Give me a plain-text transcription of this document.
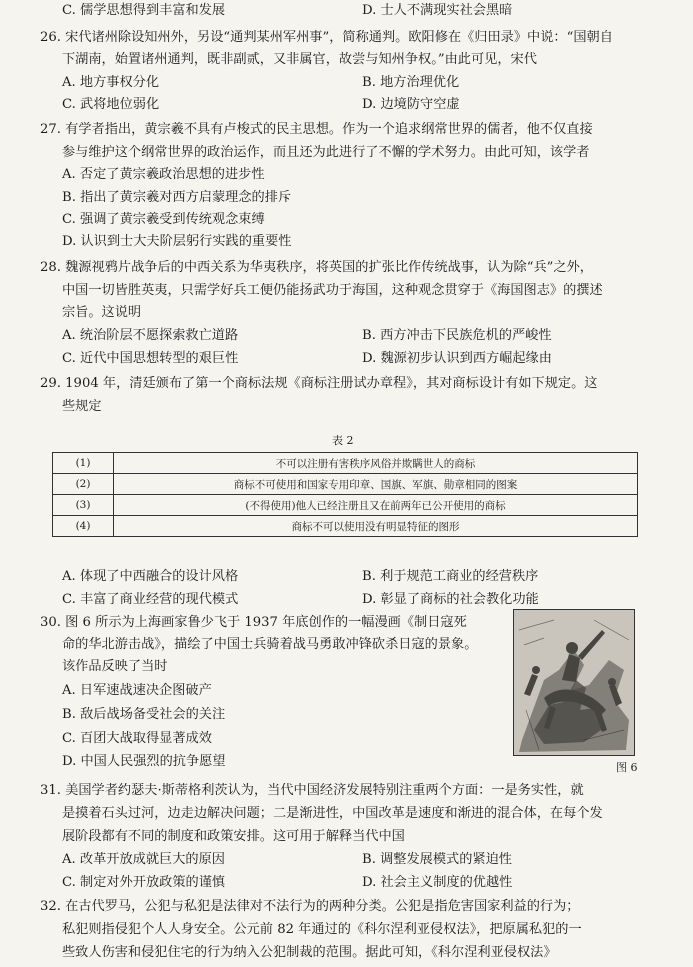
C. 儒学思想得到丰富和发展	D. 士人不满现实社会黑暗
26. 宋代诸州除设知州外，另设“通判某州军州事”，简称通判。欧阳修在《归田录》中说：“国朝自
下湖南，始置诸州通判，既非副贰，又非属官，故尝与知州争权。”由此可见，宋代
A. 地方事权分化	B. 地方治理优化
C. 武将地位弱化	D. 边境防守空虚
27. 有学者指出，黄宗羲不具有卢梭式的民主思想。作为一个追求纲常世界的儒者，他不仅直接
参与维护这个纲常世界的政治运作，而且还为此进行了不懈的学术努力。由此可知，该学者
A. 否定了黄宗羲政治思想的进步性
B. 指出了黄宗羲对西方启蒙理念的排斥
C. 强调了黄宗羲受到传统观念束缚
D. 认识到士大夫阶层躬行实践的重要性
28. 魏源视鸦片战争后的中西关系为华夷秩序，将英国的扩张比作传统战事，认为除“兵”之外，
中国一切皆胜英夷，只需学好兵工便仍能扬武功于海国，这种观念贯穿于《海国图志》的撰述
宗旨。这说明
A. 统治阶层不愿探索救亡道路	B. 西方冲击下民族危机的严峻性
C. 近代中国思想转型的艰巨性	D. 魏源初步认识到西方崛起缘由
29. 1904 年，清廷颁布了第一个商标法规《商标注册试办章程》，其对商标设计有如下规定。这
些规定
表 2
(1)	不可以注册有害秩序风俗并欺瞒世人的商标
(2)	商标不可使用和国家专用印章、国旗、军旗、勋章相同的图案
(3)	(不得使用)他人已经注册且又在前两年已公开使用的商标
(4)	商标不可以使用没有明显特征的图形
A. 体现了中西融合的设计风格	B. 利于规范工商业的经营秩序
C. 丰富了商业经营的现代模式	D. 彰显了商标的社会教化功能
30. 图 6 所示为上海画家鲁少飞于 1937 年底创作的一幅漫画《制日寇死
命的华北游击战》，描绘了中国士兵骑着战马勇敢冲锋砍杀日寇的景象。
该作品反映了当时
A. 日军速战速决企图破产
B. 敌后战场备受社会的关注
C. 百团大战取得显著成效
D. 中国人民强烈的抗争愿望	图 6
31. 美国学者约瑟夫·斯蒂格利茨认为，当代中国经济发展特别注重两个方面：一是务实性，就
是摸着石头过河，边走边解决问题；二是渐进性，中国改革是速度和渐进的混合体，在每个发
展阶段都有不同的制度和政策安排。这可用于解释当代中国
A. 改革开放成就巨大的原因	B. 调整发展模式的紧迫性
C. 制定对外开放政策的谨慎	D. 社会主义制度的优越性
32. 在古代罗马，公犯与私犯是法律对不法行为的两种分类。公犯是指危害国家利益的行为；
私犯则指侵犯个人人身安全。公元前 82 年通过的《科尔涅利亚侵权法》，把原属私犯的一
些致人伤害和侵犯住宅的行为纳入公犯制裁的范围。据此可知，《科尔涅利亚侵权法》
